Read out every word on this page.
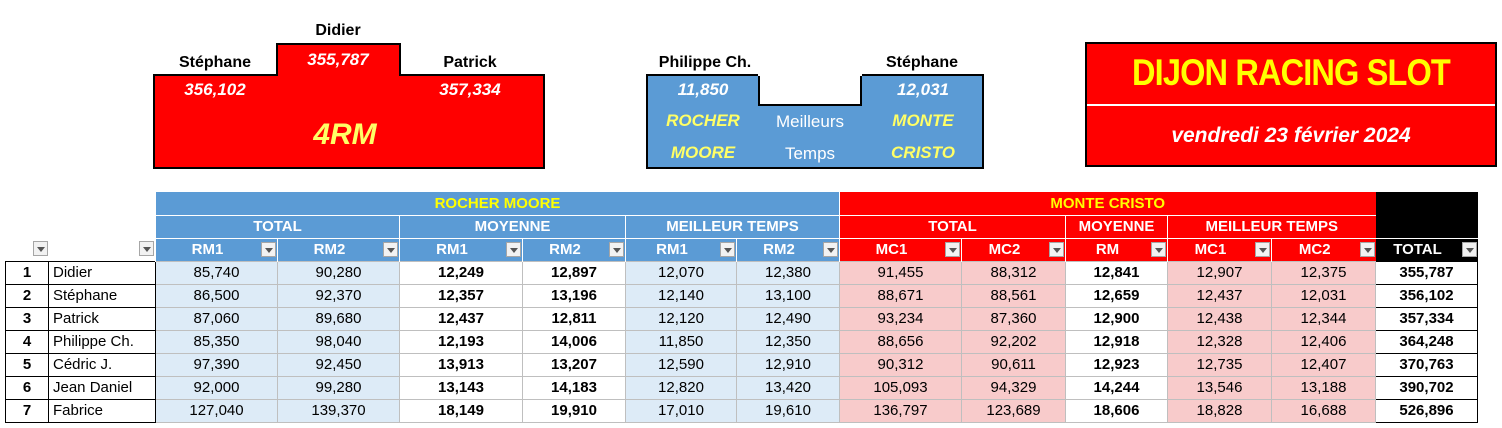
Didier
Stéphane	Patrick
355,787
356,102	357,334
4RM
Philippe Ch.	Stéphane
11,850	12,031
ROCHER
MOORE
MONTE
CRISTO
Meilleurs
Temps
DIJON RACING SLOT
vendredi 23 février 2024
		ROCHER MOORE						MONTE CRISTO					
		TOTAL		MOYENNE		MEILLEUR TEMPS		TOTAL		MOYENNE	MEILLEUR TEMPS		

		RM1	RM2	RM1	RM2	RM1	RM2	MC1	MC2	RM	MC1	MC2	TOTAL

1	Didier	85,740	90,280	12,249	12,897	12,070	12,380	91,455	88,312	12,841	12,907	12,375	355,787
2	Stéphane	86,500	92,370	12,357	13,196	12,140	13,100	88,671	88,561	12,659	12,437	12,031	356,102
3	Patrick	87,060	89,680	12,437	12,811	12,120	12,490	93,234	87,360	12,900	12,438	12,344	357,334
4	Philippe Ch.	85,350	98,040	12,193	14,006	11,850	12,350	88,656	92,202	12,918	12,328	12,406	364,248
5	Cédric J.	97,390	92,450	13,913	13,207	12,590	12,910	90,312	90,611	12,923	12,735	12,407	370,763
6	Jean Daniel	92,000	99,280	13,143	14,183	12,820	13,420	105,093	94,329	14,244	13,546	13,188	390,702
7	Fabrice	127,040	139,370	18,149	19,910	17,010	19,610	136,797	123,689	18,606	18,828	16,688	526,896
